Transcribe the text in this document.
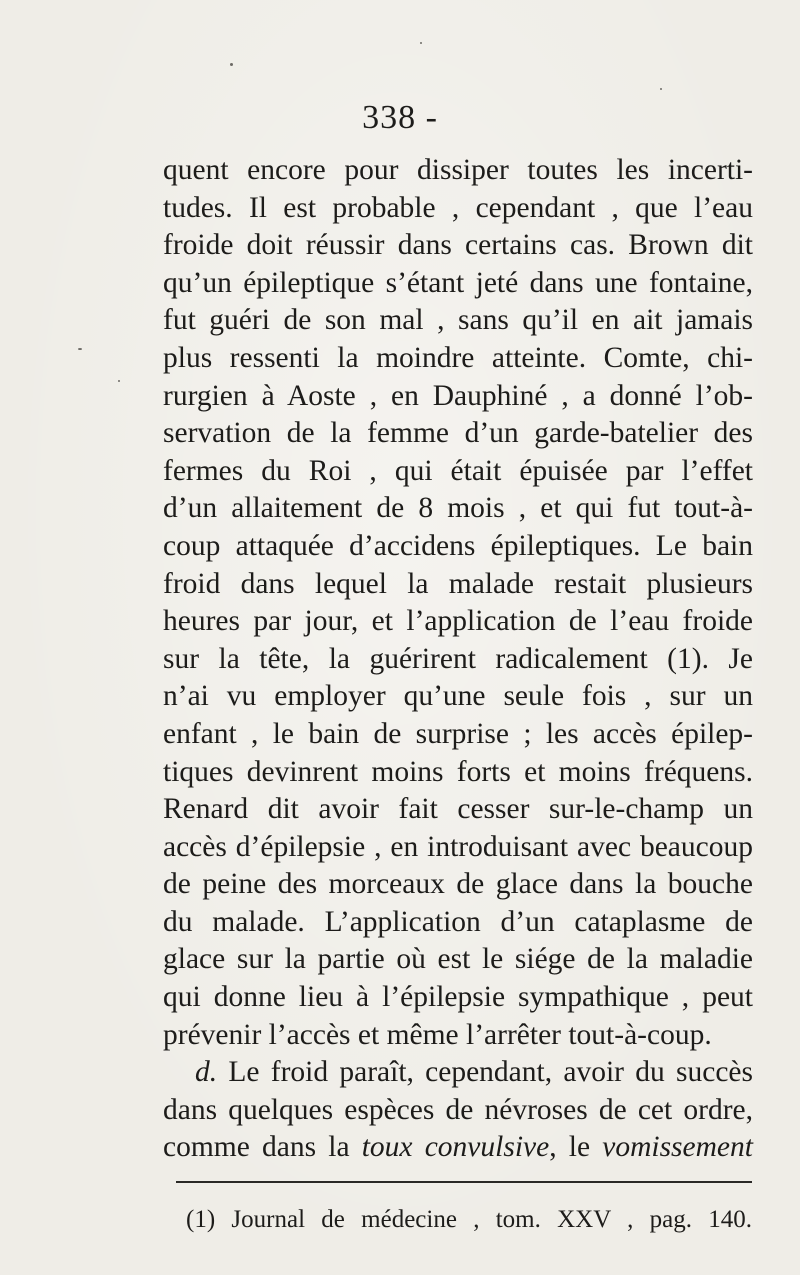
338 -
quent encore pour dissiper toutes les incerti-
tudes. Il est probable , cependant , que l’eau
froide doit réussir dans certains cas. Brown dit
qu’un épileptique s’étant jeté dans une fontaine,
fut guéri de son mal , sans qu’il en ait jamais
plus ressenti la moindre atteinte. Comte, chi-
rurgien à Aoste , en Dauphiné , a donné l’ob-
servation de la femme d’un garde-batelier des
fermes du Roi , qui était épuisée par l’effet
d’un allaitement de 8 mois , et qui fut tout-à-
coup attaquée d’accidens épileptiques. Le bain
froid dans lequel la malade restait plusieurs
heures par jour, et l’application de l’eau froide
sur la tête, la guérirent radicalement (1). Je
n’ai vu employer qu’une seule fois , sur un
enfant , le bain de surprise ; les accès épilep-
tiques devinrent moins forts et moins fréquens.
Renard dit avoir fait cesser sur-le-champ un
accès d’épilepsie , en introduisant avec beaucoup
de peine des morceaux de glace dans la bouche
du malade. L’application d’un cataplasme de
glace sur la partie où est le siége de la maladie
qui donne lieu à l’épilepsie sympathique , peut
prévenir l’accès et même l’arrêter tout-à-coup.
d. Le froid paraît, cependant, avoir du succès
dans quelques espèces de névroses de cet ordre,
comme dans la toux convulsive, le vomissement
(1) Journal de médecine , tom. XXV , pag. 140.
